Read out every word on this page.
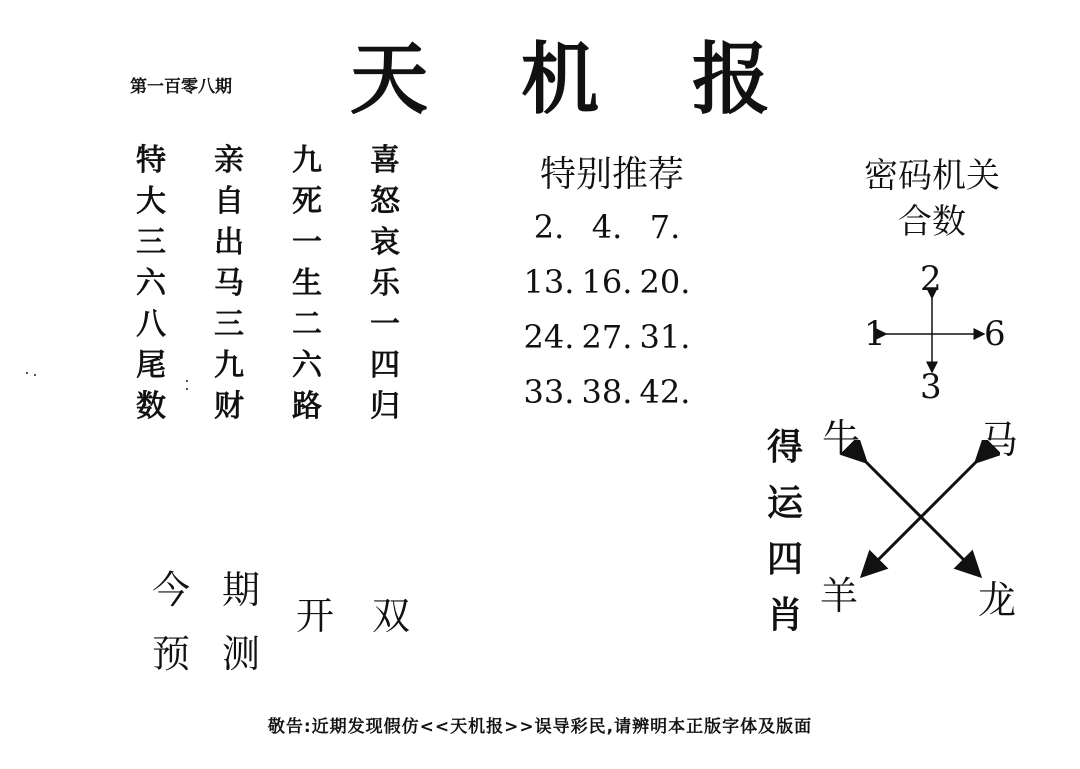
第一百零八期 天 机 报
特	亲	九	喜
大	自	死	怒
三	出	一	哀
六	马	生	乐
八	三	二	一
尾	九	六	四
数	财	路	归
特别推荐
2. 4. 7.
13. 16. 20.
24. 27. 31.
33. 38. 42.
密码机关
合数
2
1	6
3
得
运
四
肖
牛	马
羊	龙
今 期
预 测
开 双
敬告:近期发现假仿<<天机报>>误导彩民,请辨明本正版字体及版面
